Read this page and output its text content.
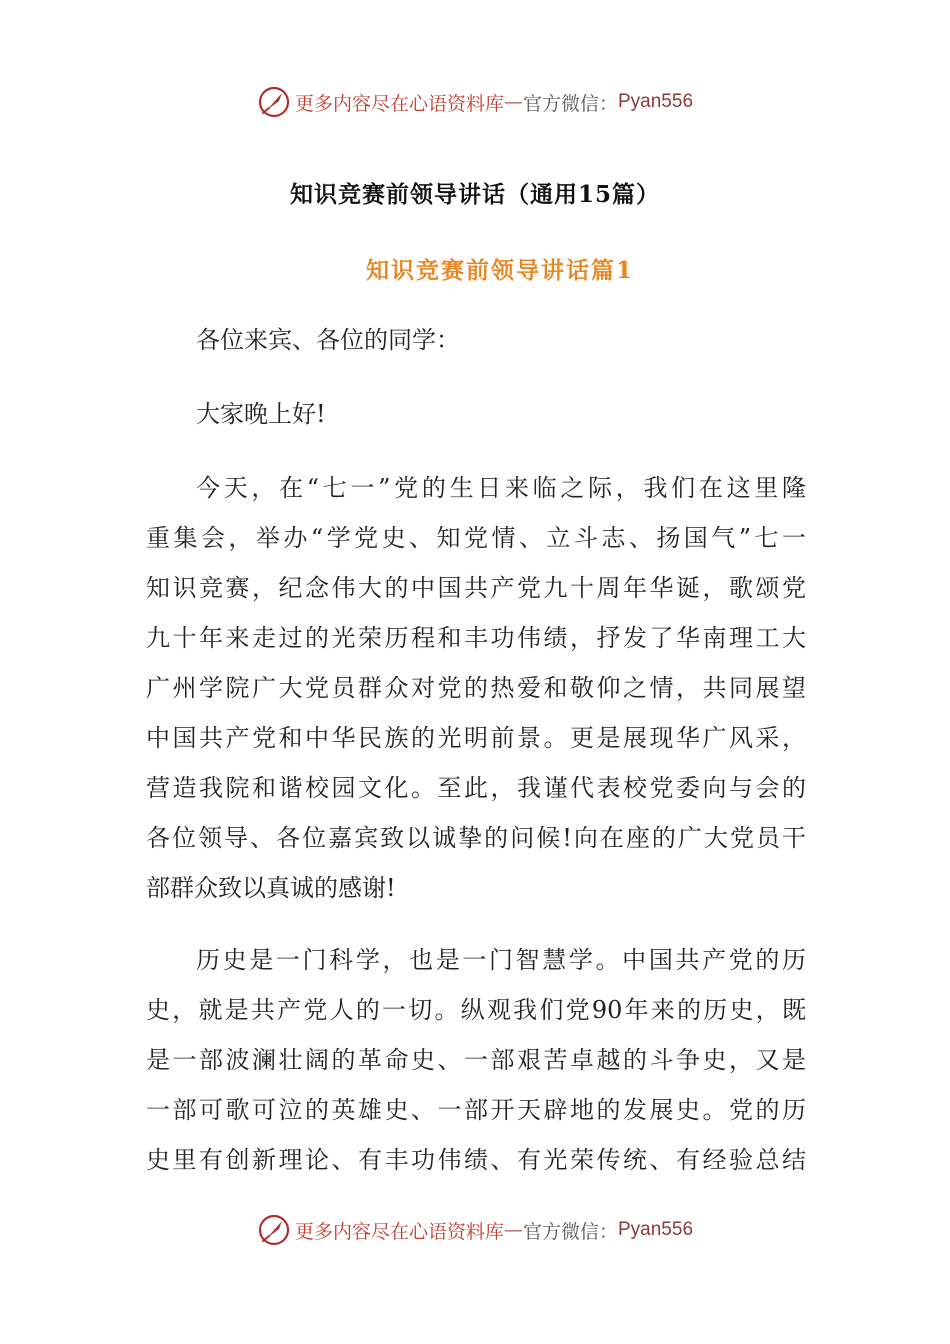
更多内容尽在心语资料库 — 官方微信： Pyan556
知识竞赛前领导讲话（通用15篇）
知识竞赛前领导讲话篇1

各位来宾、各位的同学：

大家晚上好!

今天，在“七一”党的生日来临之际，我们在这里隆

重集会，举办“学党史、知党情、立斗志、扬国气”七一

知识竞赛，纪念伟大的中国共产党九十周年华诞，歌颂党

九十年来走过的光荣历程和丰功伟绩，抒发了华南理工大

广州学院广大党员群众对党的热爱和敬仰之情，共同展望

中国共产党和中华民族的光明前景。更是展现华广风采，

营造我院和谐校园文化。至此，我谨代表校党委向与会的

各位领导、各位嘉宾致以诚挚的问候!向在座的广大党员干

部群众致以真诚的感谢!

历史是一门科学，也是一门智慧学。中国共产党的历

史，就是共产党人的一切。纵观我们党90年来的历史，既

是一部波澜壮阔的革命史、一部艰苦卓越的斗争史，又是

一部可歌可泣的英雄史、一部开天辟地的发展史。党的历

史里有创新理论、有丰功伟绩、有光荣传统、有经验总结

更多内容尽在心语资料库 — 官方微信： Pyan556
